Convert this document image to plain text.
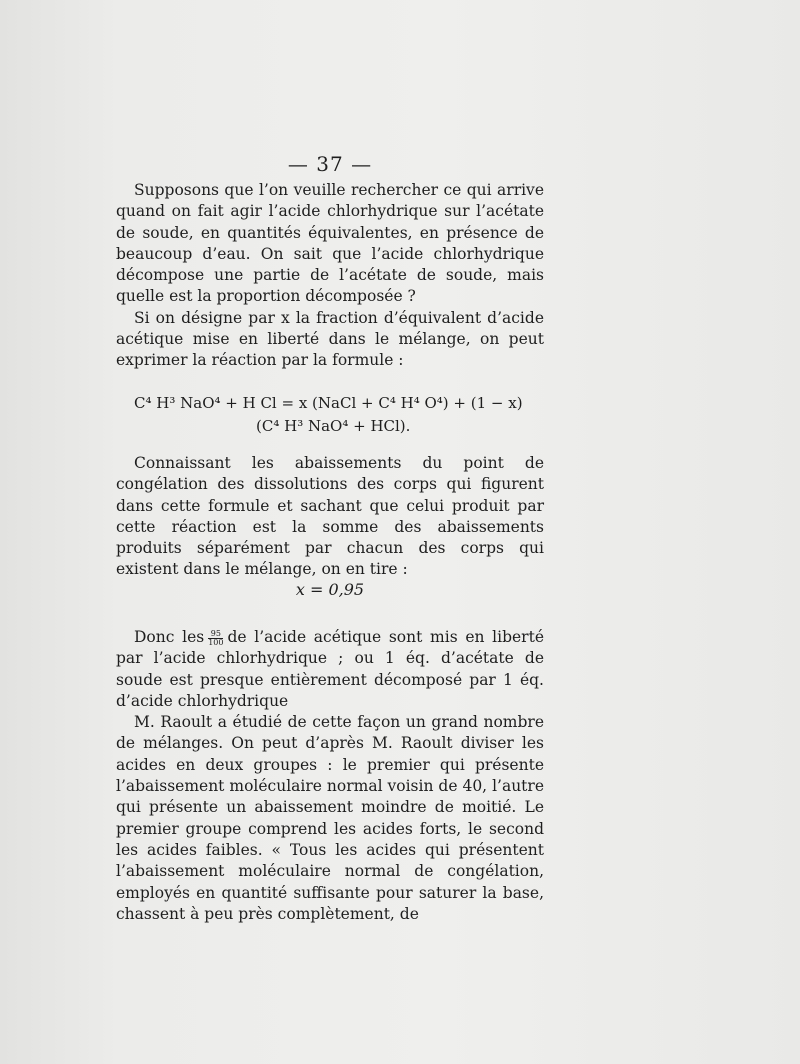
— 37 —

Supposons que l’on veuille rechercher ce qui arrive quand on fait agir l’acide chlorhydrique sur l’acétate de soude, en quantités équivalentes, en présence de beaucoup d’eau. On sait que l’acide chlorhydrique décompose une partie de l’acétate de soude, mais quelle est la proportion décomposée ?

Si on désigne par x la fraction d’équivalent d’acide acétique mise en liberté dans le mélange, on peut exprimer la réaction par la formule :

C⁴ H³ NaO⁴ + H Cl = x (NaCl + C⁴ H⁴ O⁴) + (1 − x)
(C⁴ H³ NaO⁴ + HCl).

Connaissant les abaissements du point de congélation des dissolutions des corps qui figurent dans cette formule et sachant que celui produit par cette réaction est la somme des abaissements produits séparément par chacun des corps qui existent dans le mélange, on en tire :

x = 0,95

Donc les $\frac{95}{100}$ de l’acide acétique sont mis en liberté par l’acide chlorhydrique ; ou 1 éq. d’acétate de soude est presque entièrement décomposé par 1 éq. d’acide chlorhydrique

M. Raoult a étudié de cette façon un grand nombre de mélanges. On peut d’après M. Raoult diviser les acides en deux groupes : le premier qui présente l’abaissement moléculaire normal voisin de 40, l’autre qui présente un abaissement moindre de moitié. Le premier groupe comprend les acides forts, le second les acides faibles. « Tous les acides qui présentent l’abaissement moléculaire normal de congélation, employés en quantité suffisante pour saturer la base, chassent à peu près complètement, de
